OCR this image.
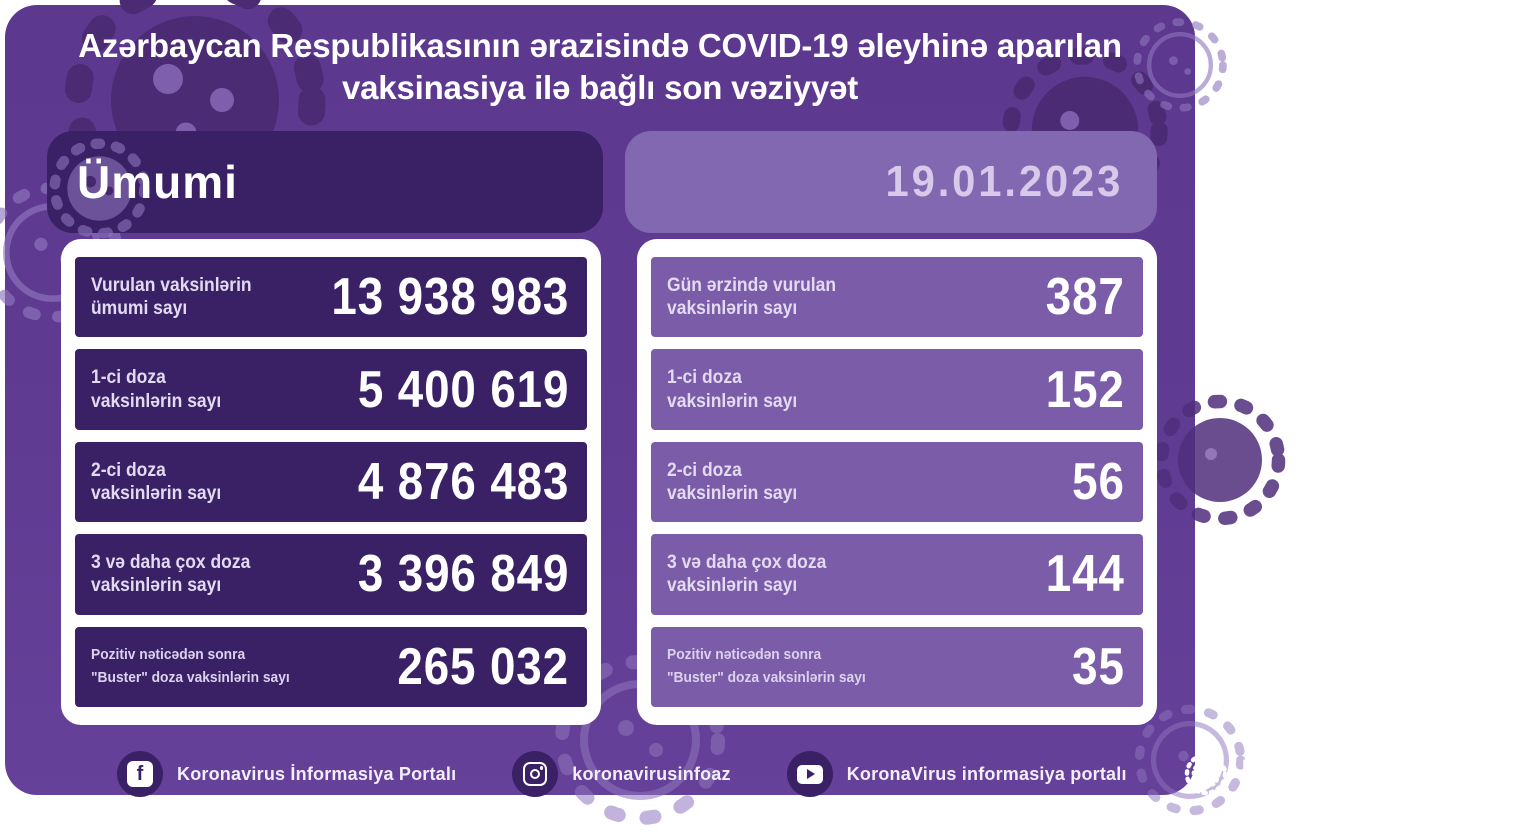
Azərbaycan Respublikasının ərazisində COVID-19 əleyhinə aparılan
vaksinasiya ilə bağlı son vəziyyət
Ümumi	19.01.2023
Vurulan vaksinlərin
ümumi sayı	13 938 983
1-ci doza
vaksinlərin sayı	5 400 619
2-ci doza
vaksinlərin sayı	4 876 483
3 və daha çox doza
vaksinlərin sayı	3 396 849
Pozitiv nəticədən sonra
"Buster" doza vaksinlərin sayı 265 032
Gün ərzində vurulan
vaksinlərin sayı	387
1-ci doza
vaksinlərin sayı	152
2-ci doza
vaksinlərin sayı	56
3 və daha çox doza
vaksinlərin sayı	144
Pozitiv nəticədən sonra
"Buster" doza vaksinlərin sayı	35
f Koronavirus İnformasiya Portalı	koronavirusinfoaz	KoronaVirus informasiya portalı	KoronaVirus info
